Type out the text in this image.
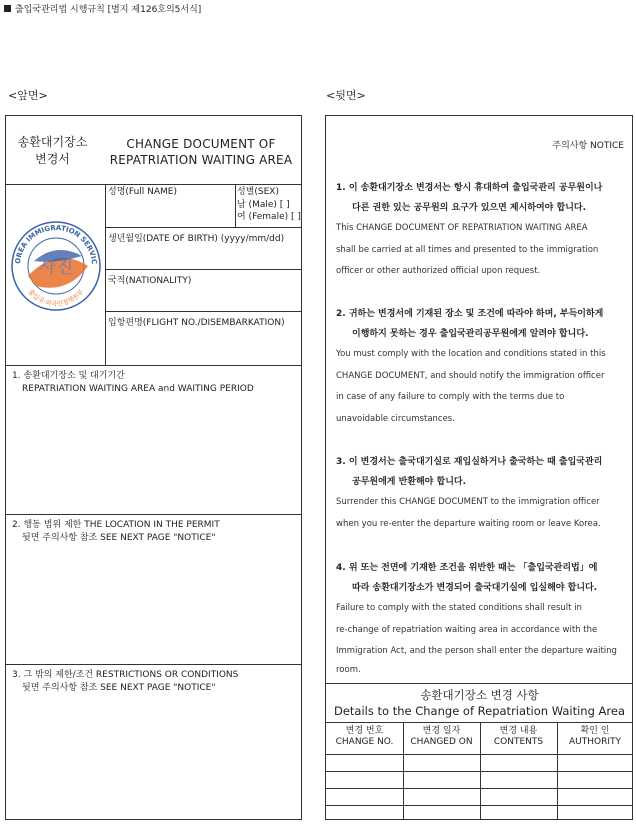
출입국관리법 시행규칙 [별지 제126호의5서식]
<앞면>	<뒷면>
송환대기장소
변경서
CHANGE DOCUMENT OF
REPATRIATION WAITING AREA
OREA IMMIGRATION SERVIC
출입국·외국인정책본부
사진
성명(Full NAME)	성별(SEX)
남 (Male) [ ]
여 (Female) [ ]
생년월일(DATE OF BIRTH) (yyyy/mm/dd)
국적(NATIONALITY)
입항편명(FLIGHT NO./DISEMBARKATION)
1. 송환대기장소 및 대기기간
REPATRIATION WAITING AREA and WAITING PERIOD
2. 행동 범위 제한 THE LOCATION IN THE PERMIT
뒷면 주의사항 참조 SEE NEXT PAGE "NOTICE"
3. 그 밖의 제한/조건 RESTRICTIONS OR CONDITIONS
뒷면 주의사항 참조 SEE NEXT PAGE "NOTICE"
주의사항 NOTICE
1. 이 송환대기장소 변경서는 항시 휴대하여 출입국관리 공무원이나
다른 권한 있는 공무원의 요구가 있으면 제시하여야 합니다.
This CHANGE DOCUMENT OF REPATRIATION WAITING AREA
shall be carried at all times and presented to the immigration
officer or other authorized official upon request.
2. 귀하는 변경서에 기재된 장소 및 조건에 따라야 하며, 부득이하게
이행하지 못하는 경우 출입국관리공무원에게 알려야 합니다.
You must comply with the location and conditions stated in this
CHANGE DOCUMENT, and should notify the immigration officer
in case of any failure to comply with the terms due to
unavoidable circumstances.
3. 이 변경서는 출국대기실로 재입실하거나 출국하는 때 출입국관리
공무원에게 반환해야 합니다.
Surrender this CHANGE DOCUMENT to the immigration officer
when you re-enter the departure waiting room or leave Korea.
4. 위 또는 전면에 기재한 조건을 위반한 때는 「출입국관리법」에
따라 송환대기장소가 변경되어 출국대기실에 입실해야 합니다.
Failure to comply with the stated conditions shall result in
re-change of repatriation waiting area in accordance with the
Immigration Act, and the person shall enter the departure waiting
room.
송환대기장소 변경 사항
Details to the Change of Repatriation Waiting Area
변경 번호
CHANGE NO.
변경 일자
CHANGED ON
변경 내용
CONTENTS
확인 인
AUTHORITY
